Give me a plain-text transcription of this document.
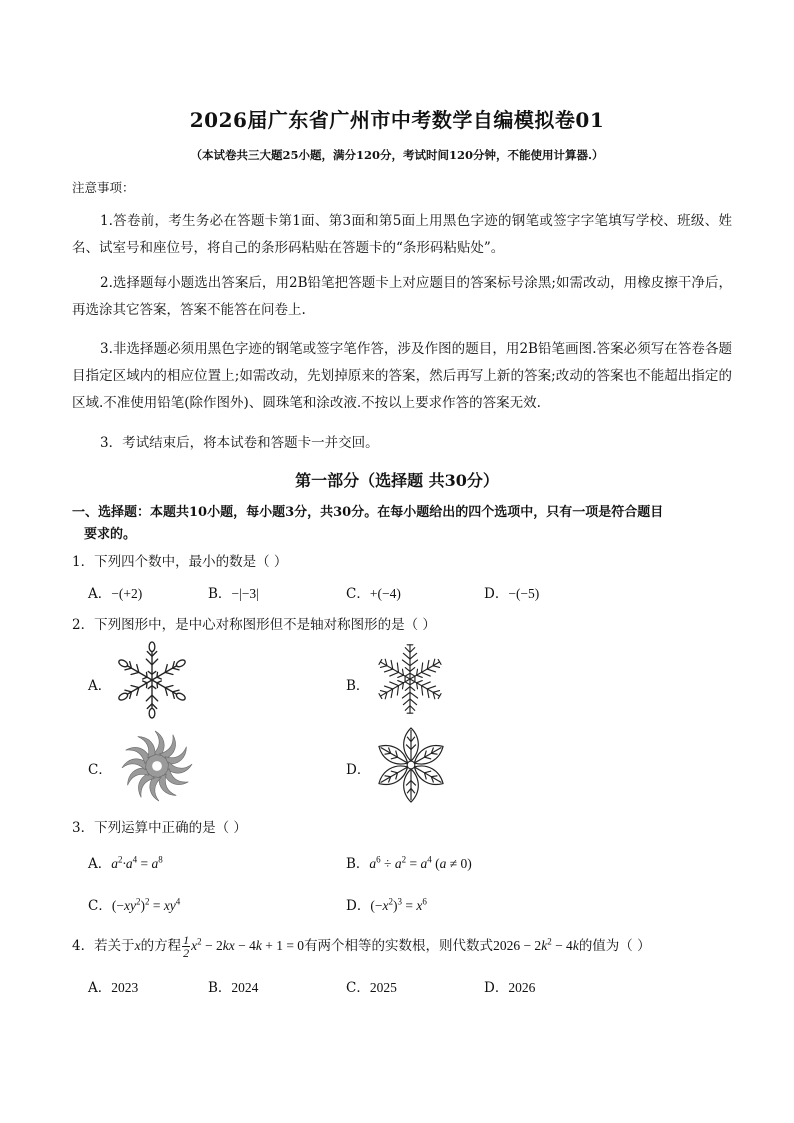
2026届广东省广州市中考数学自编模拟卷01
（本试卷共三大题25小题，满分120分，考试时间120分钟，不能使用计算器.）
注意事项：
1.答卷前，考生务必在答题卡第1面、第3面和第5面上用黑色字迹的钢笔或签字字笔填写学校、班级、姓名、试室号和座位号，将自己的条形码粘贴在答题卡的“条形码粘贴处”。
2.选择题每小题选出答案后，用2B铅笔把答题卡上对应题目的答案标号涂黑;如需改动，用橡皮擦干净后，再选涂其它答案，答案不能答在问卷上.
3.非选择题必须用黑色字迹的钢笔或签字笔作答，涉及作图的题目，用2B铅笔画图.答案必须写在答卷各题目指定区域内的相应位置上;如需改动，先划掉原来的答案，然后再写上新的答案;改动的答案也不能超出指定的区域.不准使用铅笔(除作图外)、圆珠笔和涂改液.不按以上要求作答的答案无效.
3．考试结束后，将本试卷和答题卡一并交回。
第一部分（选择题 共30分）
一、选择题：本题共10小题，每小题3分，共30分。在每小题给出的四个选项中，只有一项是符合题目
要求的。
1．下列四个数中，最小的数是（ ）
A．−(+2)	B．−|−3|	C．+(−4)	D．−(−5)
2．下列图形中，是中心对称图形但不是轴对称图形的是（ ）
A．	B．
C．	D．
3．下列运算中正确的是（ ）
A．$a^2\cdot a^4 = a^8$	B．$a^6 \div a^2 = a^4$ (a ≠ 0)
C．$(-xy^2)^2 = xy^4$	D．$(-x^2)^3 = x^6$
4．若关于x的方程 $\frac{1}{2} x^2 - 2kx - 4k + 1 = 0$有两个相等的实数根，则代数式$2026 - 2k^2 - 4k$的值为（ ）
A．2023	B．2024	C．2025	D．2026
